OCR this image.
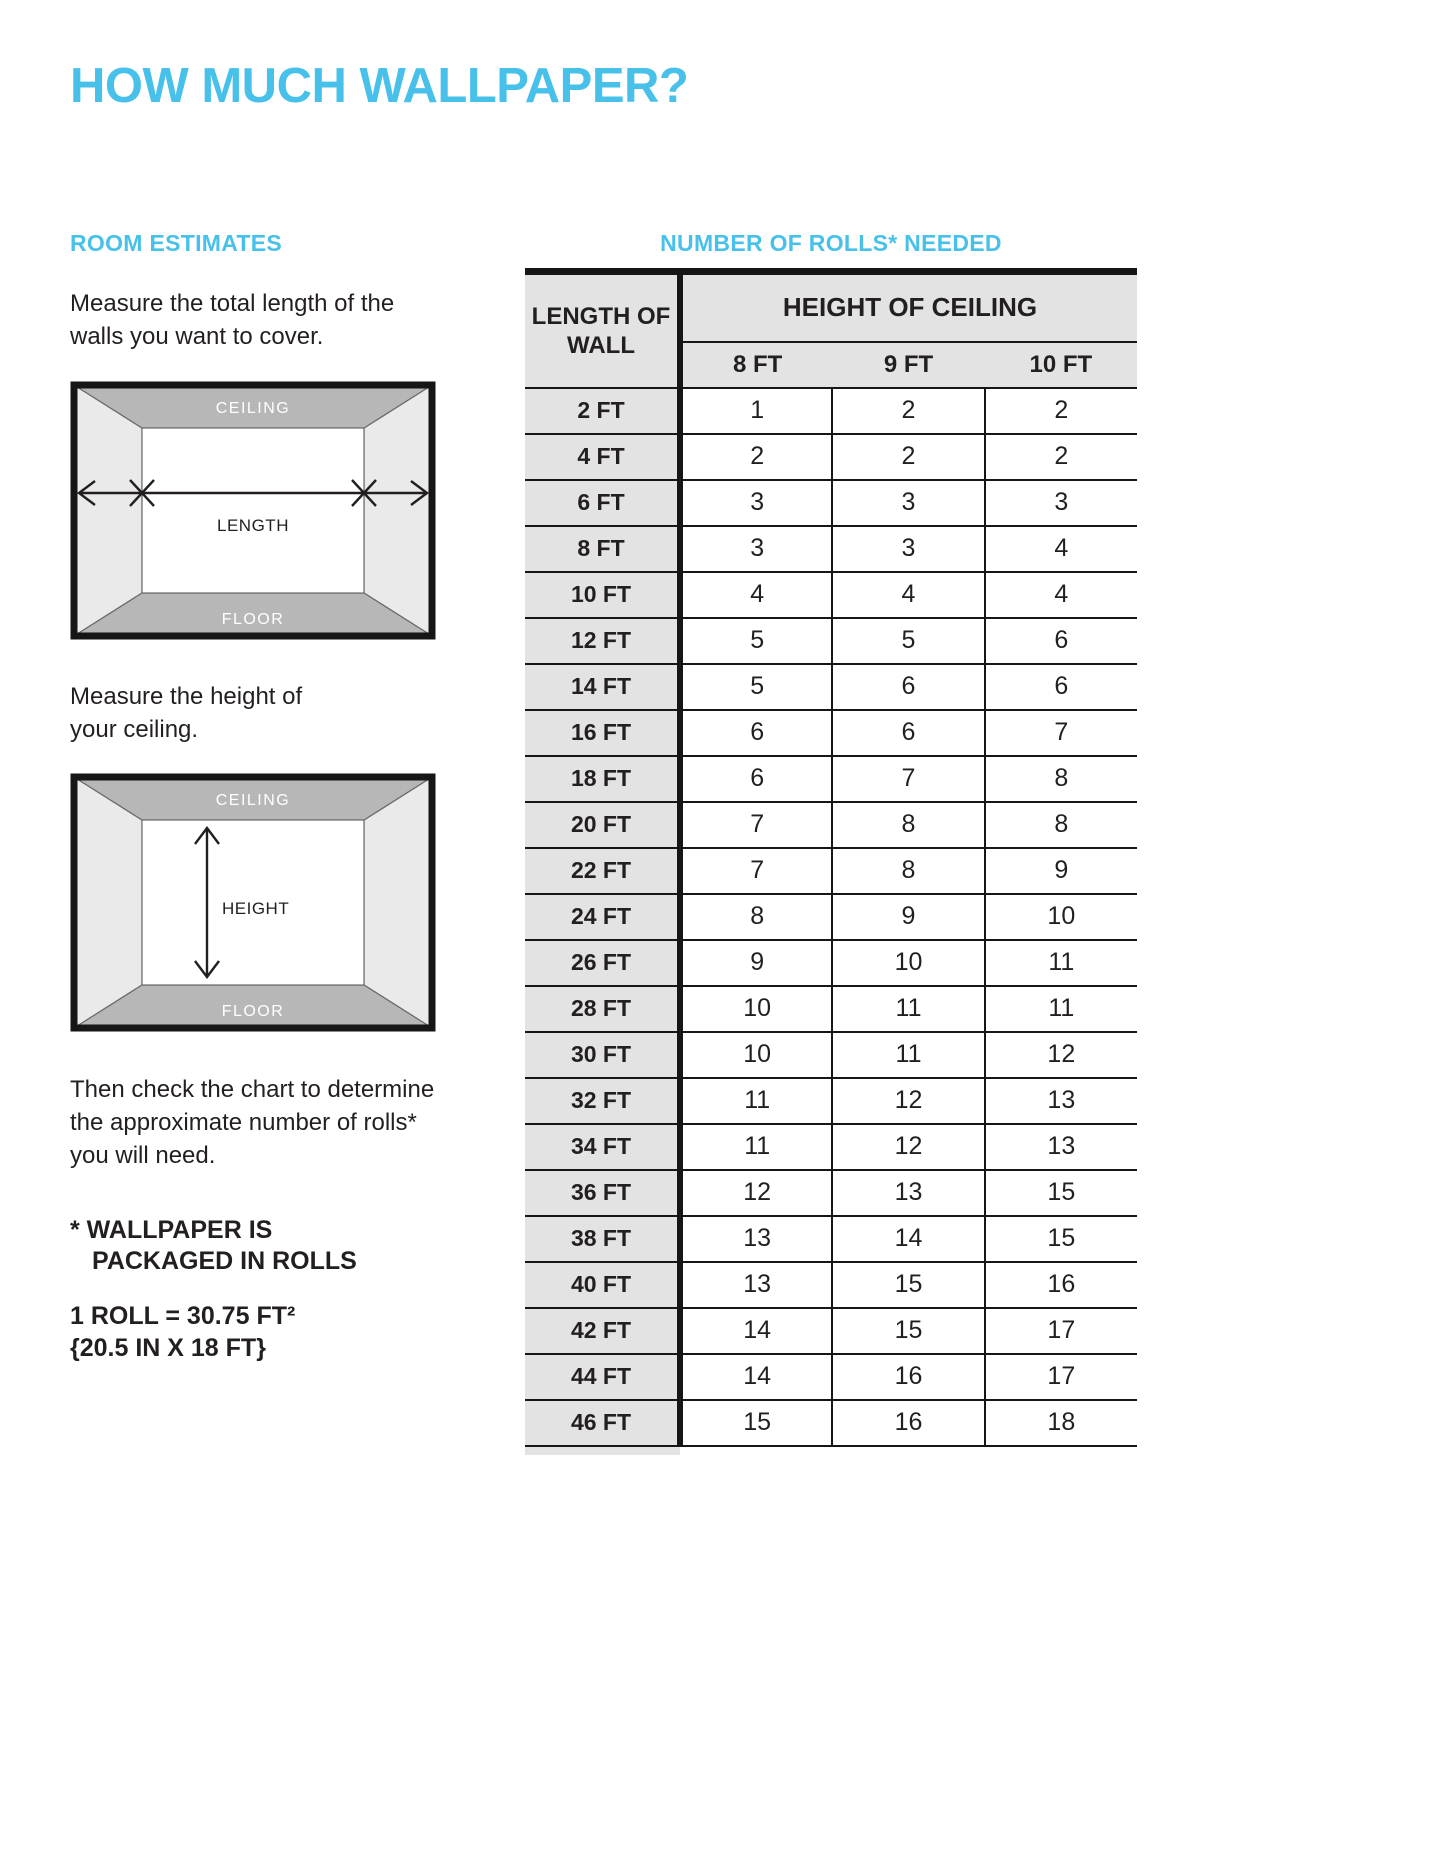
HOW MUCH WALLPAPER?
ROOM ESTIMATES	NUMBER OF ROLLS* NEEDED

Measure the total length of the walls you want to cover.

CEILING
LENGTH
FLOOR

Measure the height of your ceiling.

CEILING
HEIGHT
FLOOR

Then check the chart to determine the approximate number of rolls* you will need.

* WALLPAPER IS
PACKAGED IN ROLLS
1 ROLL = 30.75 FT²
{20.5 IN X 18 FT}
LENGTH OF WALL	HEIGHT OF CEILING		
	8 FT	9 FT	10 FT
2 FT	1	2	2
4 FT	2	2	2
6 FT	3	3	3
8 FT	3	3	4
10 FT	4	4	4
12 FT	5	5	6
14 FT	5	6	6
16 FT	6	6	7
18 FT	6	7	8
20 FT	7	8	8
22 FT	7	8	9
24 FT	8	9	10
26 FT	9	10	11
28 FT	10	11	11
30 FT	10	11	12
32 FT	11	12	13
34 FT	11	12	13
36 FT	12	13	15
38 FT	13	14	15
40 FT	13	15	16
42 FT	14	15	17
44 FT	14	16	17
46 FT	15	16	18
